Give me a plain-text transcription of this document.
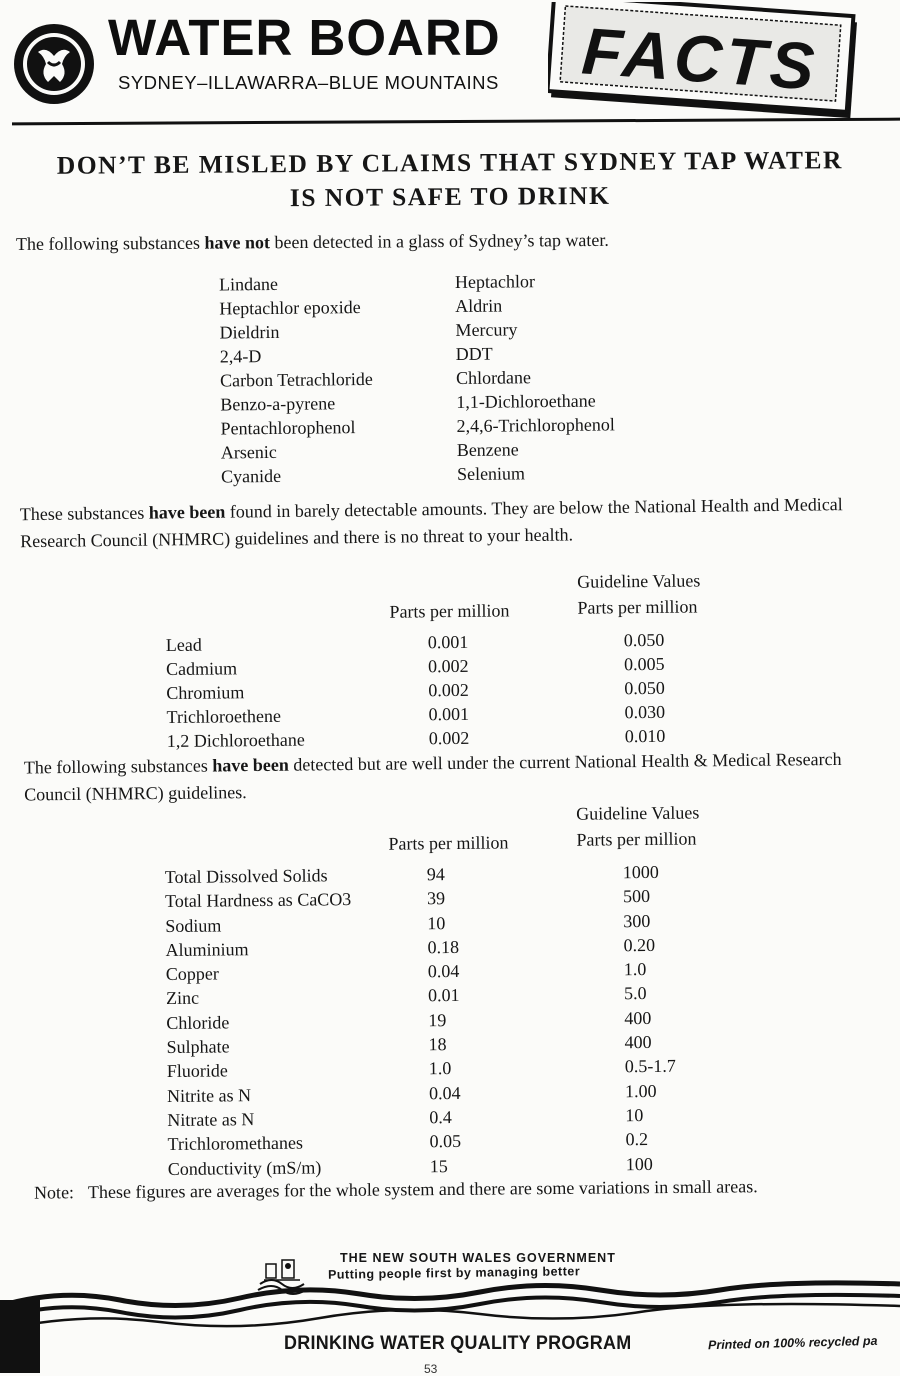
WATER BOARD
SYDNEY–ILLAWARRA–BLUE MOUNTAINS FACTS
DON’T BE MISLED BY CLAIMS THAT SYDNEY TAP WATER
IS NOT SAFE TO DRINK
The following substances have not been detected in a glass of Sydney’s tap water.
Lindane	Heptachlor
Heptachlor epoxide	Aldrin
Dieldrin	Mercury
2,4-D	DDT
Carbon Tetrachloride	Chlordane
Benzo-a-pyrene	1,1-Dichloroethane
Pentachlorophenol	2,4,6-Trichlorophenol
Arsenic	Benzene
Cyanide	Selenium
These substances have been found in barely detectable amounts. They are below the National Health and Medical Research Council (NHMRC) guidelines and there is no threat to your health.
Guideline Values
Parts per million
Parts per million
Lead	0.001	0.050
Cadmium	0.002	0.005
Chromium	0.002	0.050
Trichloroethene	0.001	0.030
1,2 Dichloroethane	0.002	0.010
The following substances have been detected but are well under the current National Health & Medical Research Council (NHMRC) guidelines.
Guideline Values
Parts per million
Parts per million
Total Dissolved Solids	94	1000
Total Hardness as CaCO3	39	500
Sodium	10	300
Aluminium	0.18	0.20
Copper	0.04	1.0
Zinc	0.01	5.0
Chloride	19	400
Sulphate	18	400
Fluoride	1.0	0.5-1.7
Nitrite as N	0.04	1.00
Nitrate as N	0.4	10
Trichloromethanes	0.05	0.2
Conductivity (mS/m)	15	100
Note: These figures are averages for the whole system and there are some variations in small areas.
THE NEW SOUTH WALES GOVERNMENT
Putting people first by managing better
DRINKING WATER QUALITY PROGRAM	Printed on 100% recycled pa
53
